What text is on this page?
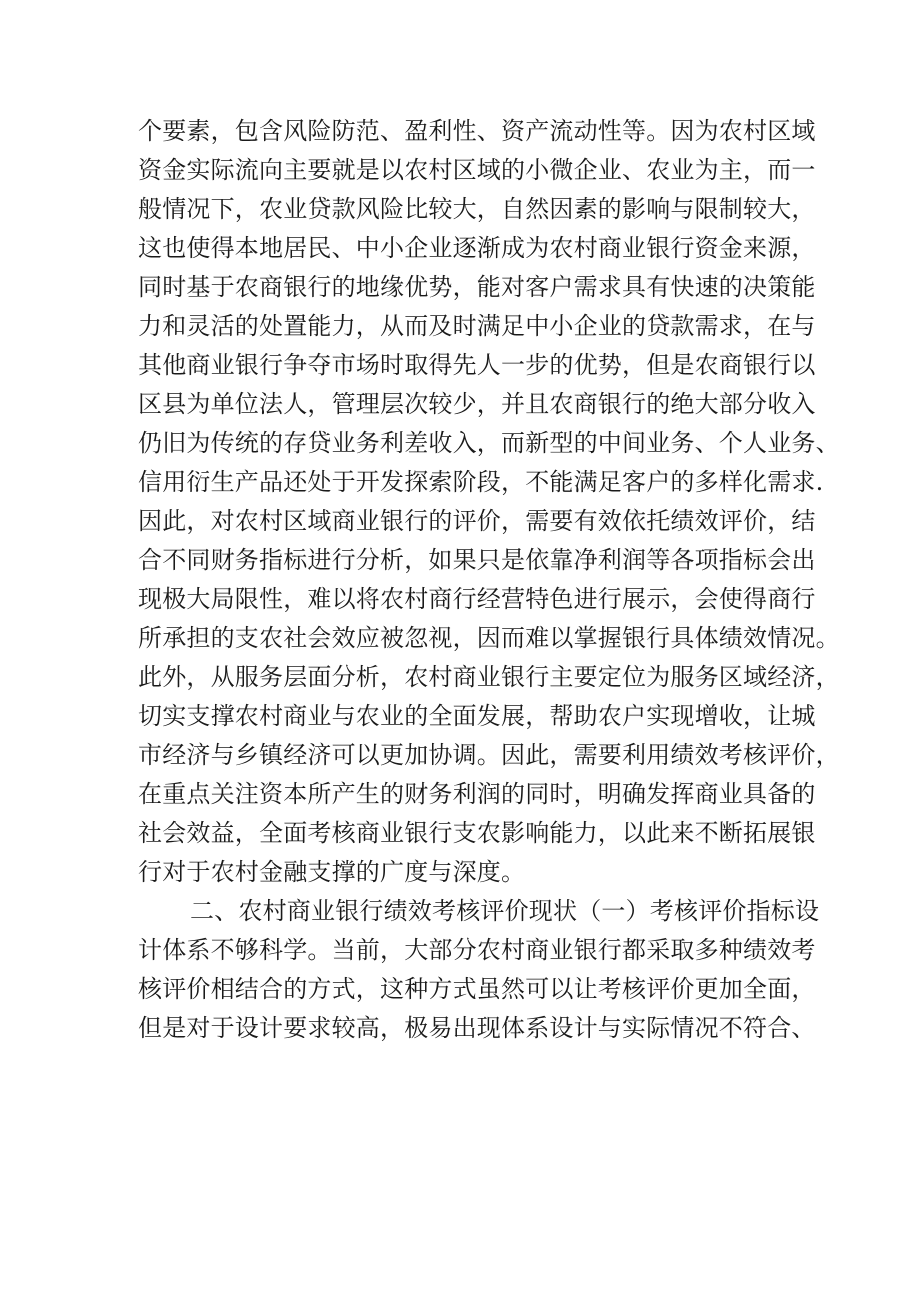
个要素，包含风险防范、盈利性、资产流动性等。因为农村区域
资金实际流向主要就是以农村区域的小微企业、农业为主，而一
般情况下，农业贷款风险比较大，自然因素的影响与限制较大，
这也使得本地居民、中小企业逐渐成为农村商业银行资金来源，
同时基于农商银行的地缘优势，能对客户需求具有快速的决策能
力和灵活的处置能力，从而及时满足中小企业的贷款需求，在与
其他商业银行争夺市场时取得先人一步的优势，但是农商银行以
区县为单位法人，管理层次较少，并且农商银行的绝大部分收入
仍旧为传统的存贷业务利差收入，而新型的中间业务、个人业务、
信用衍生产品还处于开发探索阶段，不能满足客户的多样化需求.
因此，对农村区域商业银行的评价，需要有效依托绩效评价，结
合不同财务指标进行分析，如果只是依靠净利润等各项指标会出
现极大局限性，难以将农村商行经营特色进行展示，会使得商行
所承担的支农社会效应被忽视，因而难以掌握银行具体绩效情况。
此外，从服务层面分析，农村商业银行主要定位为服务区域经济，
切实支撑农村商业与农业的全面发展，帮助农户实现增收，让城
市经济与乡镇经济可以更加协调。因此，需要利用绩效考核评价，
在重点关注资本所产生的财务利润的同时，明确发挥商业具备的
社会效益，全面考核商业银行支农影响能力，以此来不断拓展银
行对于农村金融支撑的广度与深度。
二、农村商业银行绩效考核评价现状（一）考核评价指标设
计体系不够科学。当前，大部分农村商业银行都采取多种绩效考
核评价相结合的方式，这种方式虽然可以让考核评价更加全面，
但是对于设计要求较高，极易出现体系设计与实际情况不符合、
